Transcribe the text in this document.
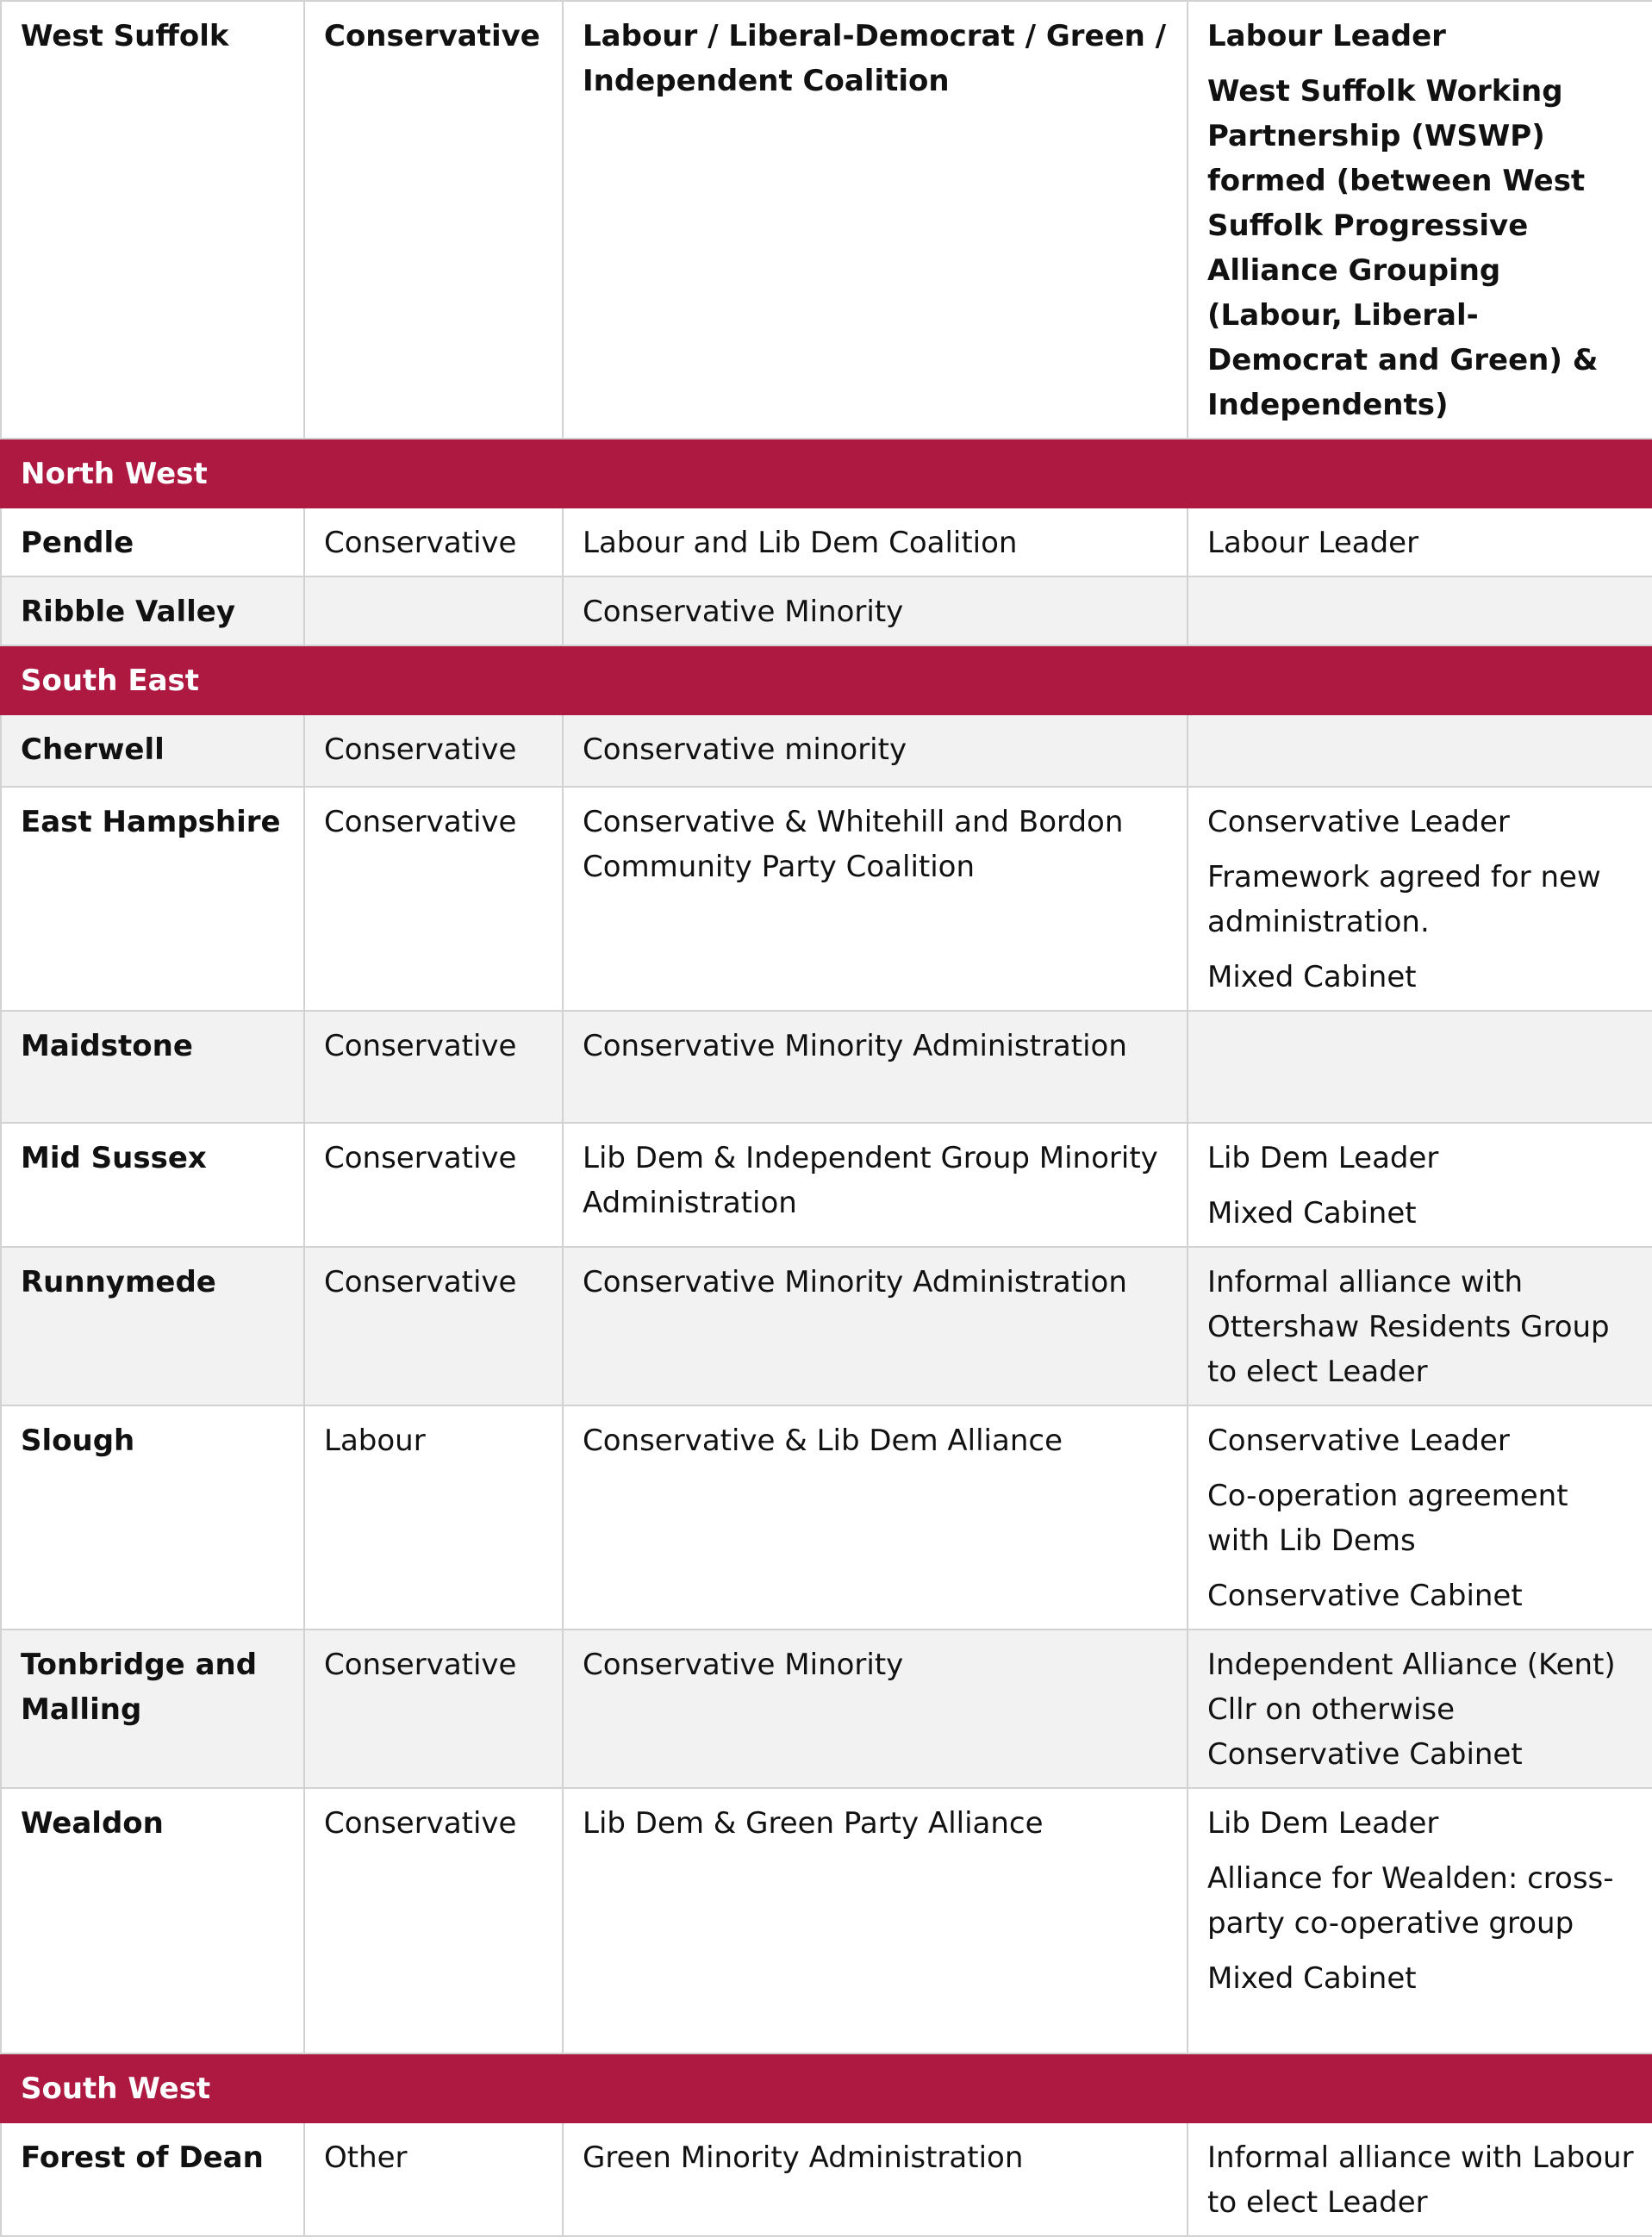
West Suffolk	Conservative	Labour / Liberal-Democrat / Green / Independent Coalition	Labour Leader
West Suffolk Working Partnership (WSWP) formed (between West Suffolk Progressive Alliance Grouping (Labour, Liberal-Democrat and Green) & Independents)

North West			
Pendle	Conservative	Labour and Lib Dem Coalition	Labour Leader

Ribble Valley		Conservative Minority	
South East			
Cherwell	Conservative	Conservative minority	
East Hampshire	Conservative	Conservative & Whitehill and Bordon Community Party Coalition	Conservative Leader
Framework agreed for new administration.
Mixed Cabinet

Maidstone	Conservative	Conservative Minority Administration	
Mid Sussex	Conservative	Lib Dem & Independent Group Minority Administration	Lib Dem Leader
Mixed Cabinet

Runnymede	Conservative	Conservative Minority Administration	Informal alliance with Ottershaw Residents Group to elect Leader

Slough	Labour	Conservative & Lib Dem Alliance	Conservative Leader
Co-operation agreement with Lib Dems
Conservative Cabinet

Tonbridge and Malling	Conservative	Conservative Minority	Independent Alliance (Kent) Cllr on otherwise Conservative Cabinet

Wealdon	Conservative	Lib Dem & Green Party Alliance	Lib Dem Leader
Alliance for Wealden: cross-party co-operative group
Mixed Cabinet

South West			
Forest of Dean	Other	Green Minority Administration	Informal alliance with Labour to elect Leader
